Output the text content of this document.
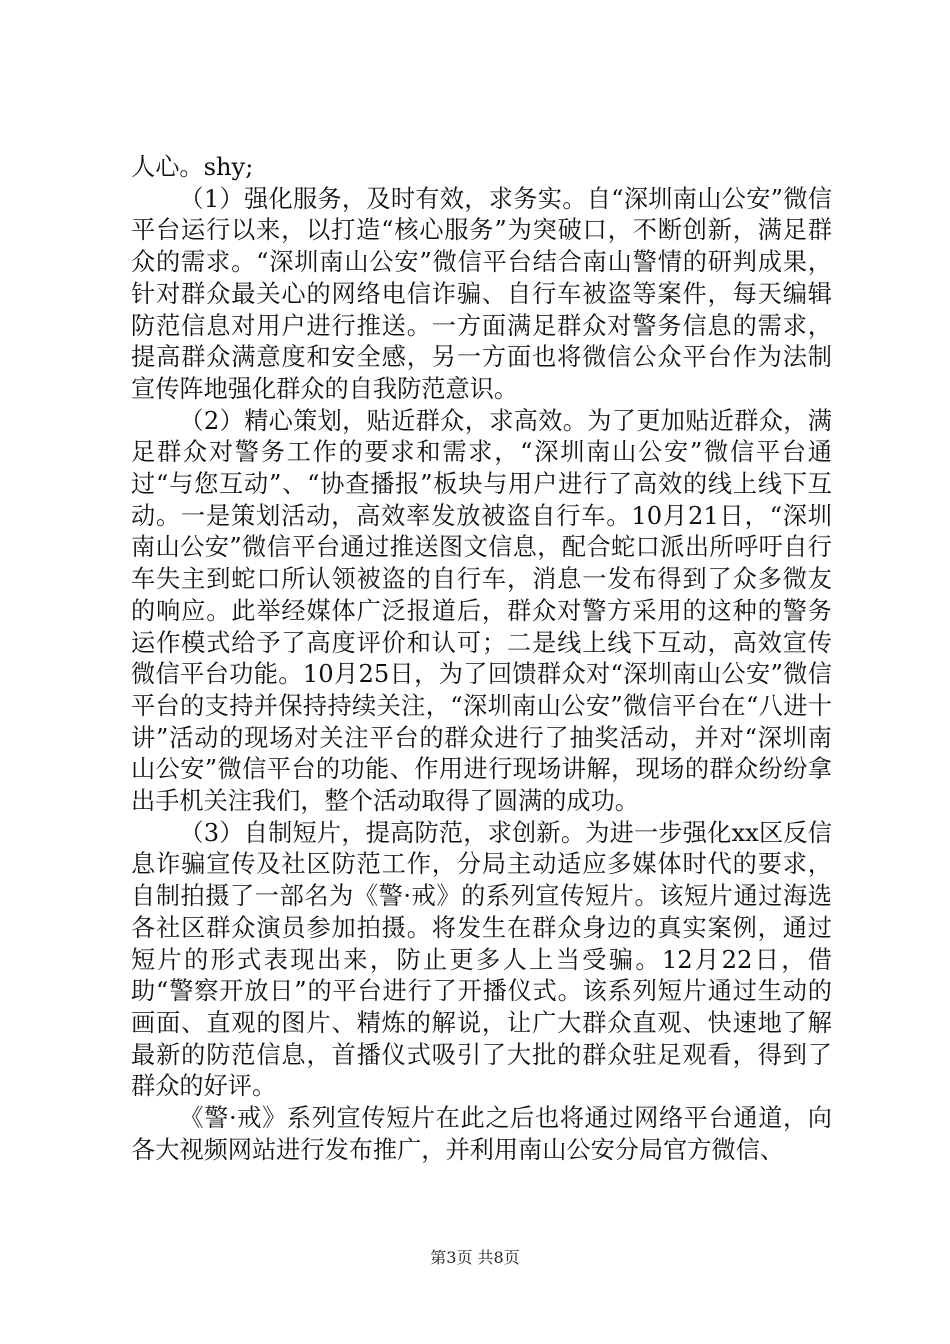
人心。shy;

（1）强化服务，及时有效，求务实。自“深圳南山公安”微信平台运行以来，以打造“核心服务”为突破口，不断创新，满足群众的需求。“深圳南山公安”微信平台结合南山警情的研判成果，针对群众最关心的网络电信诈骗、自行车被盗等案件，每天编辑防范信息对用户进行推送。一方面满足群众对警务信息的需求，提高群众满意度和安全感，另一方面也将微信公众平台作为法制宣传阵地强化群众的自我防范意识。

（2）精心策划，贴近群众，求高效。为了更加贴近群众，满足群众对警务工作的要求和需求，“深圳南山公安”微信平台通过“与您互动”、“协查播报”板块与用户进行了高效的线上线下互动。一是策划活动，高效率发放被盗自行车。10月21日，“深圳南山公安”微信平台通过推送图文信息，配合蛇口派出所呼吁自行车失主到蛇口所认领被盗的自行车，消息一发布得到了众多微友的响应。此举经媒体广泛报道后，群众对警方采用的这种的警务运作模式给予了高度评价和认可；二是线上线下互动，高效宣传微信平台功能。10月25日，为了回馈群众对“深圳南山公安”微信平台的支持并保持持续关注，“深圳南山公安”微信平台在“八进十讲”活动的现场对关注平台的群众进行了抽奖活动，并对“深圳南山公安”微信平台的功能、作用进行现场讲解，现场的群众纷纷拿出手机关注我们，整个活动取得了圆满的成功。

（3）自制短片，提高防范，求创新。为进一步强化xx区反信息诈骗宣传及社区防范工作，分局主动适应多媒体时代的要求，自制拍摄了一部名为《警·戒》的系列宣传短片。该短片通过海选各社区群众演员参加拍摄。将发生在群众身边的真实案例，通过短片的形式表现出来，防止更多人上当受骗。12月22日，借助“警察开放日”的平台进行了开播仪式。该系列短片通过生动的画面、直观的图片、精炼的解说，让广大群众直观、快速地了解最新的防范信息，首播仪式吸引了大批的群众驻足观看，得到了群众的好评。

《警·戒》系列宣传短片在此之后也将通过网络平台通道，向各大视频网站进行发布推广，并利用南山公安分局官方微信、

第3页 共8页
